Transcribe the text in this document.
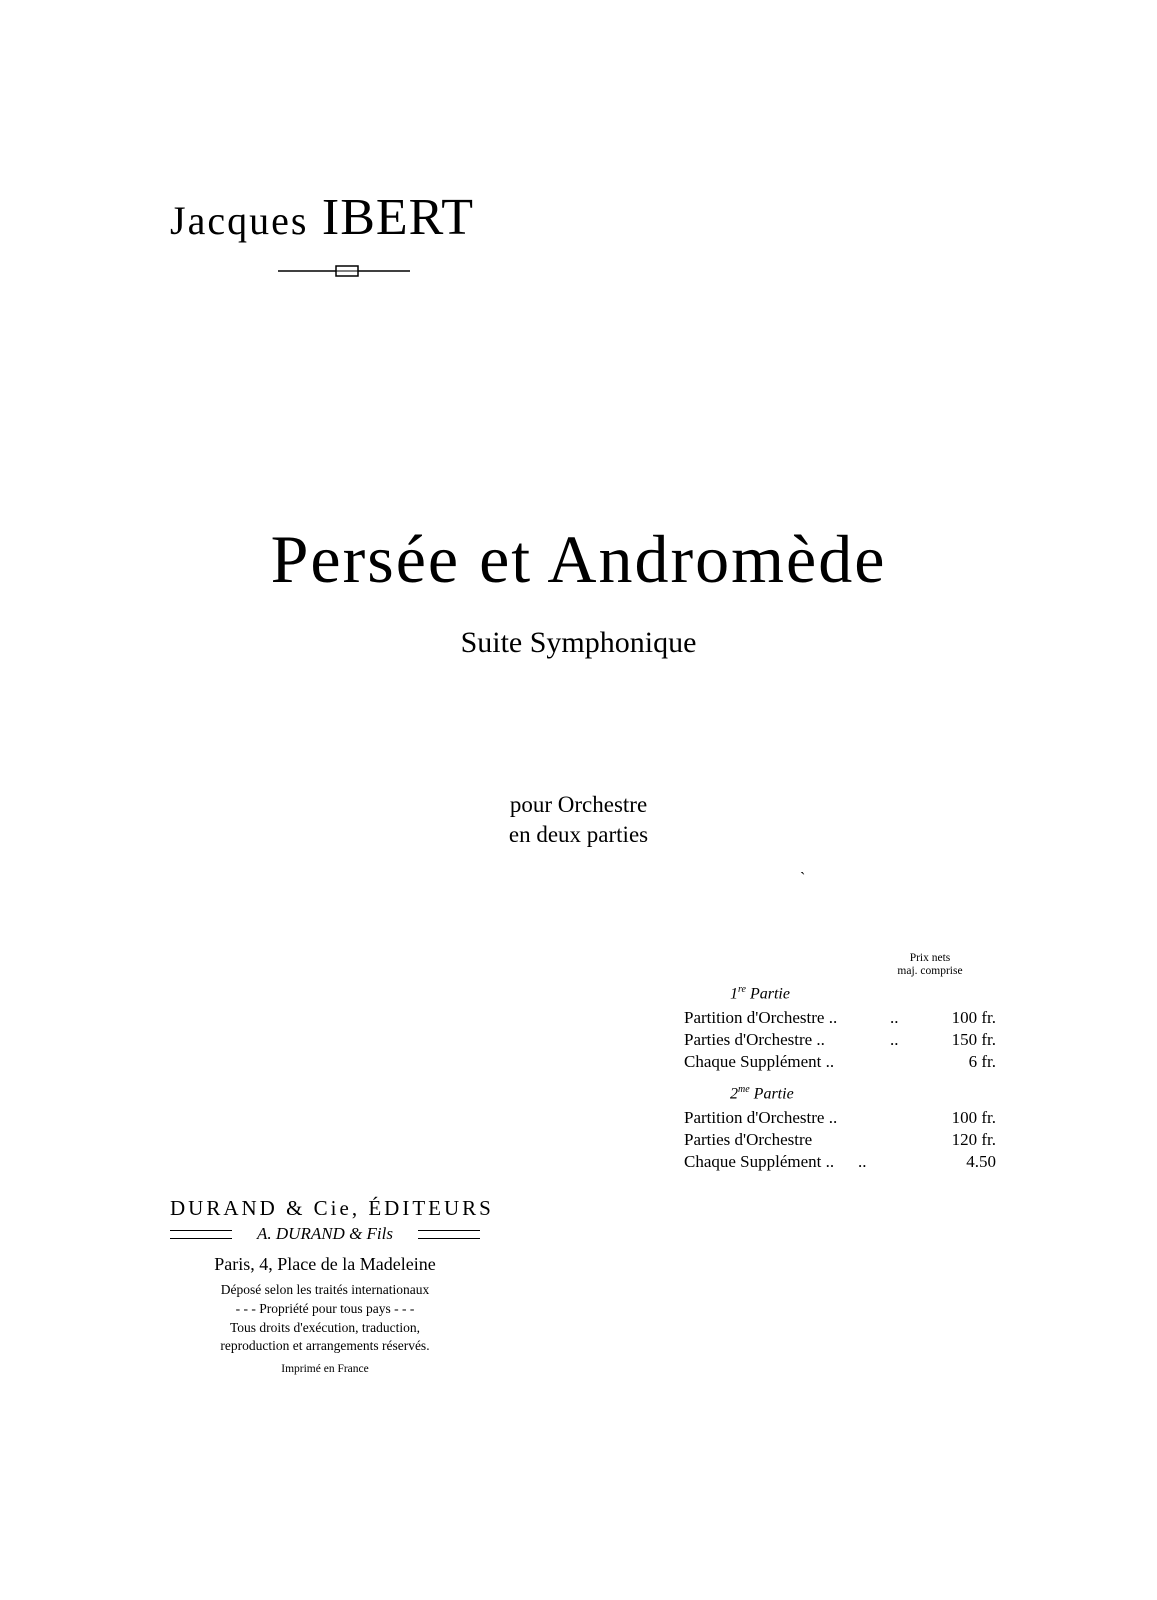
Jacques IBERT
Persée et Andromède
Suite Symphonique
pour Orchestre
en deux parties
ˏ
Prix nets
maj. comprise
1re Partie
Partition d'Orchestre ..	..	100 fr.
Parties d'Orchestre ..	..	150 fr.
Chaque Supplément ..	6 fr.
$2^{me}$ Partie
Partition d'Orchestre ..	100 fr.
Parties d'Orchestre	120 fr.
Chaque Supplément .. ..	4.50
DURAND & Cie, ÉDITEURS
A. DURAND & Fils
Paris, 4, Place de la Madeleine
Déposé selon les traités internationaux
- - - Propriété pour tous pays - - -
Tous droits d'exécution, traduction,
reproduction et arrangements réservés.
Imprimé en France
